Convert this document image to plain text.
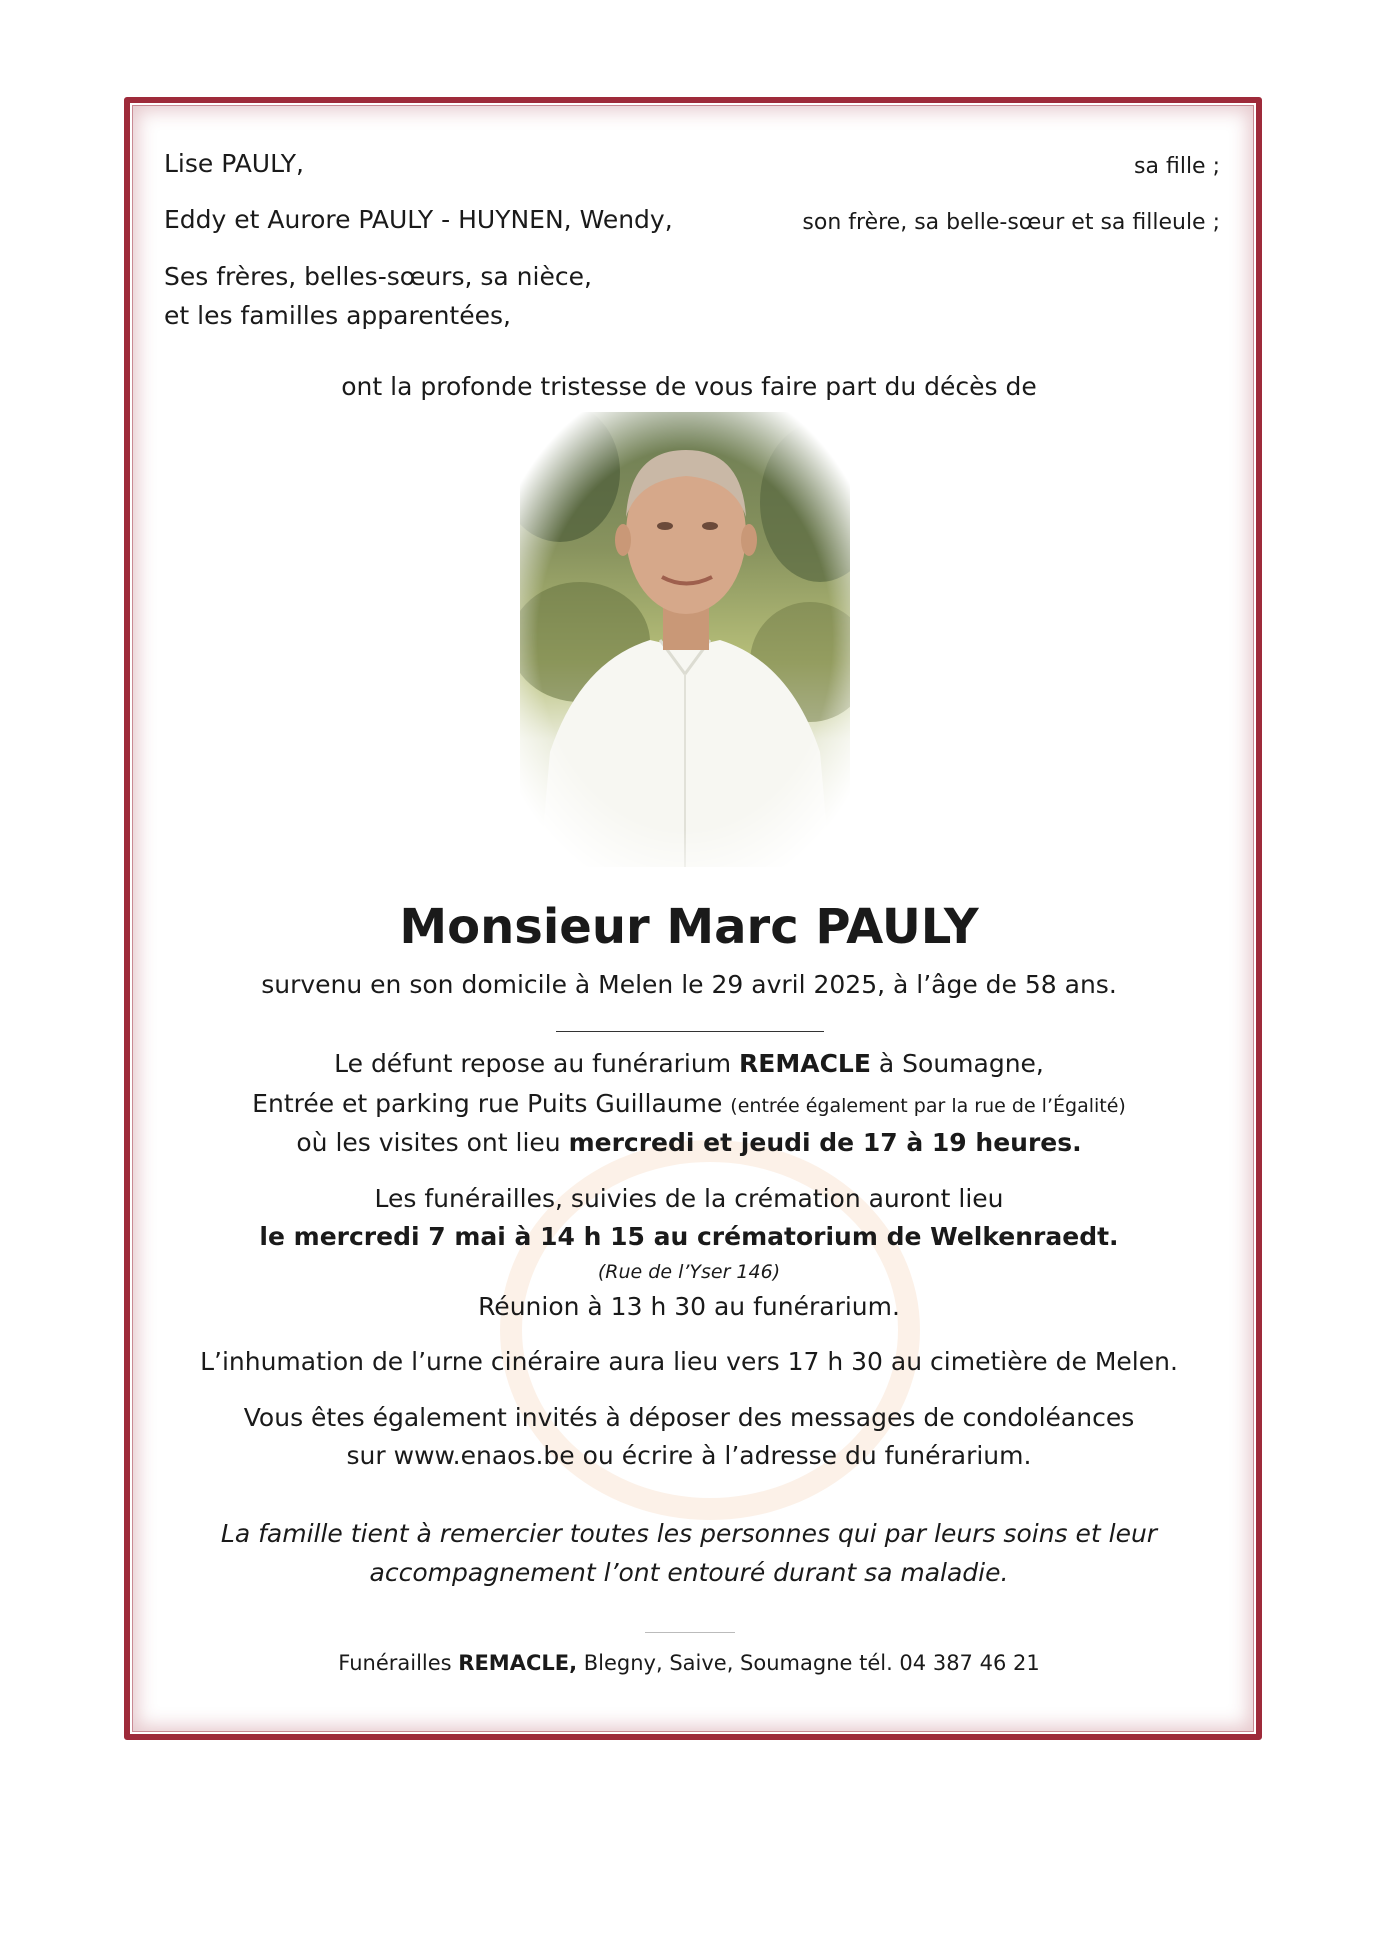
Lise PAULY,	sa fille ;
Eddy et Aurore PAULY - HUYNEN, Wendy,	son frère, sa belle-sœur et sa filleule ;
Ses frères, belles-sœurs, sa nièce,
et les familles apparentées,
ont la profonde tristesse de vous faire part du décès de
Monsieur Marc PAULY
survenu en son domicile à Melen le 29 avril 2025, à l’âge de 58 ans.
Le défunt repose au funérarium REMACLE à Soumagne,
Entrée et parking rue Puits Guillaume (entrée également par la rue de l’Égalité)
où les visites ont lieu mercredi et jeudi de 17 à 19 heures.
Les funérailles, suivies de la crémation auront lieu
le mercredi 7 mai à 14 h 15 au crématorium de Welkenraedt.
(Rue de l’Yser 146)
Réunion à 13 h 30 au funérarium.
L’inhumation de l’urne cinéraire aura lieu vers 17 h 30 au cimetière de Melen.
Vous êtes également invités à déposer des messages de condoléances
sur www.enaos.be ou écrire à l’adresse du funérarium.
La famille tient à remercier toutes les personnes qui par leurs soins et leur
accompagnement l’ont entouré durant sa maladie.
Funérailles REMACLE, Blegny, Saive, Soumagne tél. 04 387 46 21
